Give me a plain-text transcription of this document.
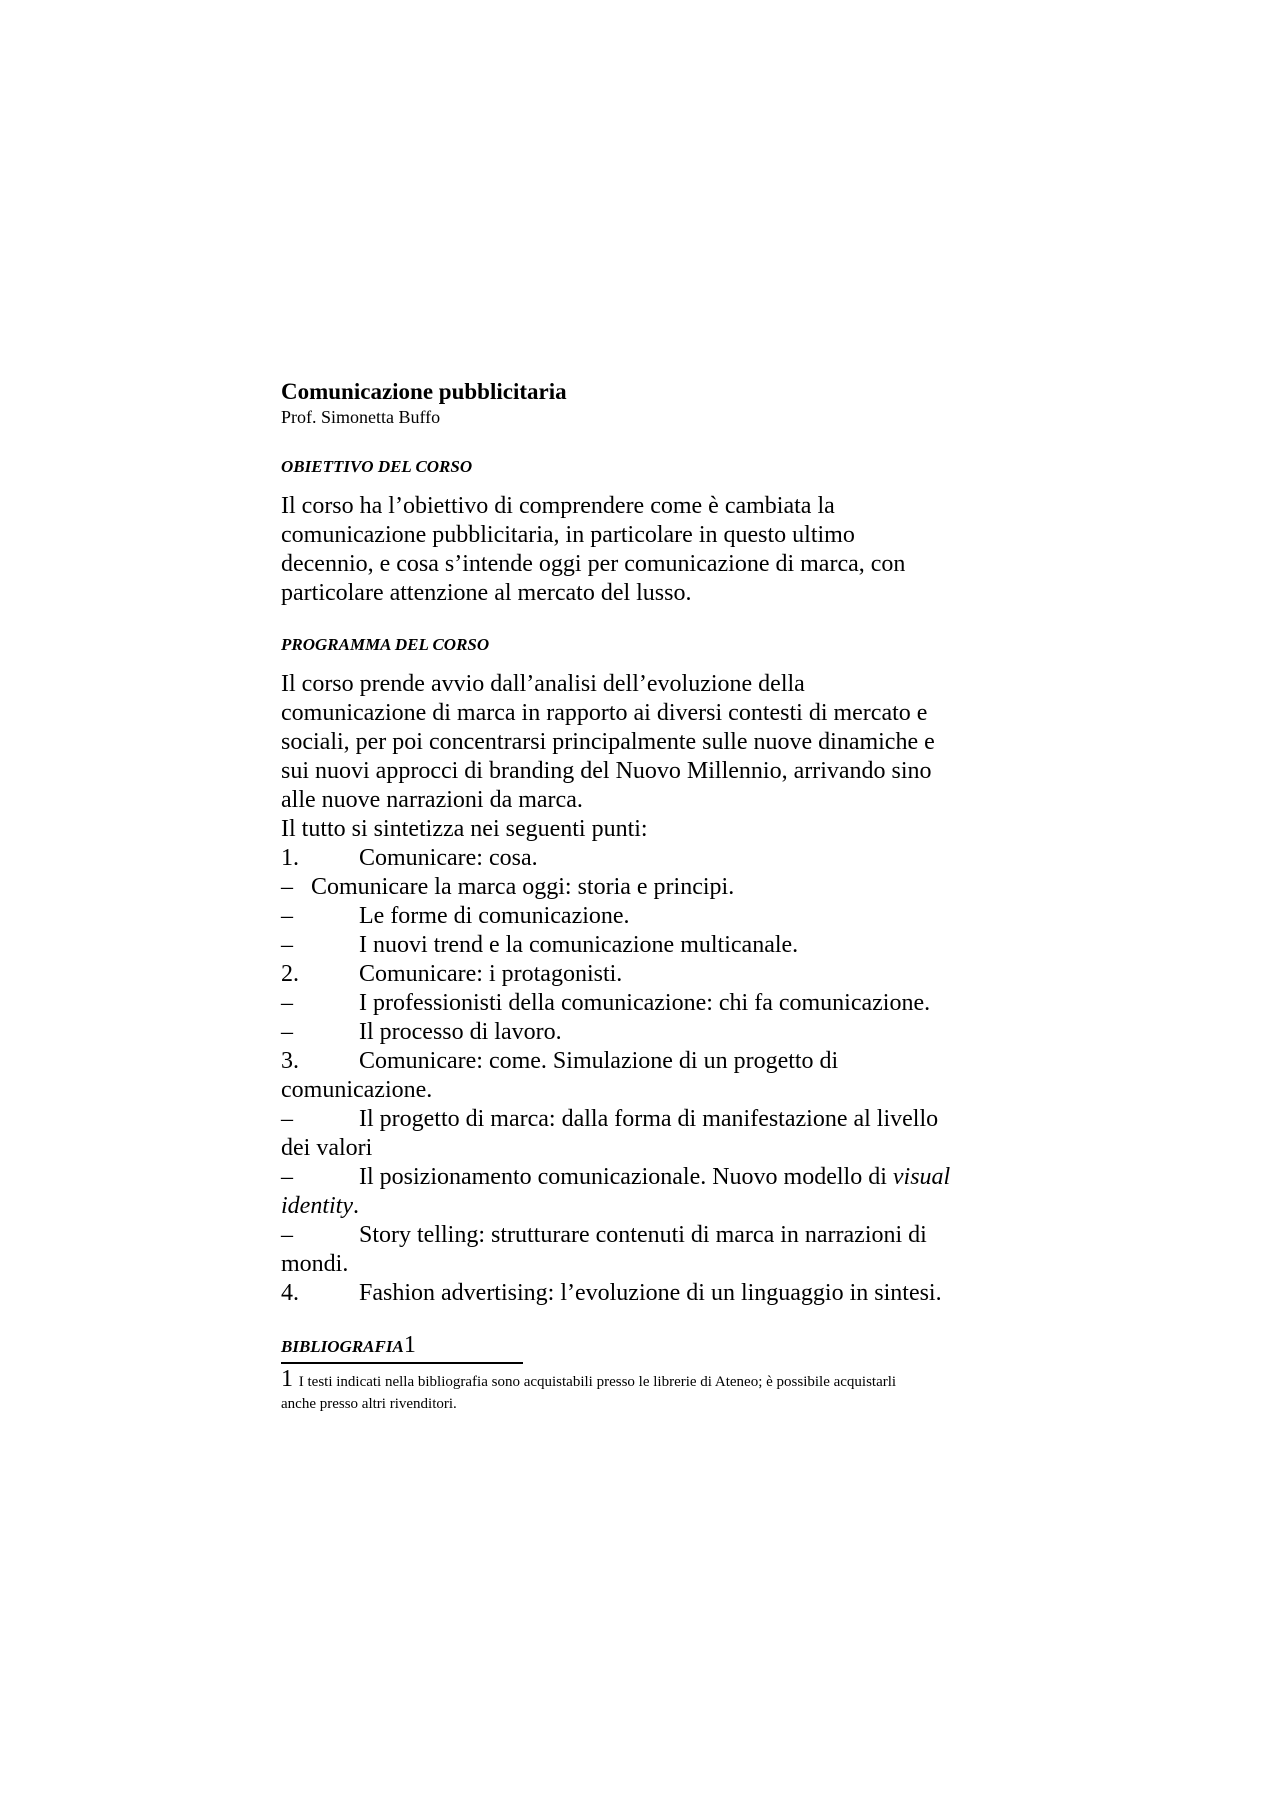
Comunicazione pubblicitaria

Prof. Simonetta Buffo

OBIETTIVO DEL CORSO
Il corso ha l’obiettivo di comprendere come è cambiata la
comunicazione pubblicitaria, in particolare in questo ultimo
decennio, e cosa s’intende oggi per comunicazione di marca, con
particolare attenzione al mercato del lusso.
PROGRAMMA DEL CORSO
Il corso prende avvio dall’analisi dell’evoluzione della
comunicazione di marca in rapporto ai diversi contesti di mercato e
sociali, per poi concentrarsi principalmente sulle nuove dinamiche e
sui nuovi approcci di branding del Nuovo Millennio, arrivando sino
alle nuove narrazioni da marca.
Il tutto si sintetizza nei seguenti punti:
1.	Comunicare: cosa.
– Comunicare la marca oggi: storia e principi.
–	Le forme di comunicazione.
–	I nuovi trend e la comunicazione multicanale.
2.	Comunicare: i protagonisti.
–	I professionisti della comunicazione: chi fa comunicazione.
–	Il processo di lavoro.
3.	Comunicare: come. Simulazione di un progetto di
comunicazione.
–	Il progetto di marca: dalla forma di manifestazione al livello
dei valori
–	Il posizionamento comunicazionale. Nuovo modello di visual
identity.
–	Story telling: strutturare contenuti di marca in narrazioni di
mondi.
4.	Fashion advertising: l’evoluzione di un linguaggio in sintesi.
BIBLIOGRAFIA 1

1 I testi indicati nella bibliografia sono acquistabili presso le librerie di Ateneo; è possibile acquistarli
anche presso altri rivenditori.
